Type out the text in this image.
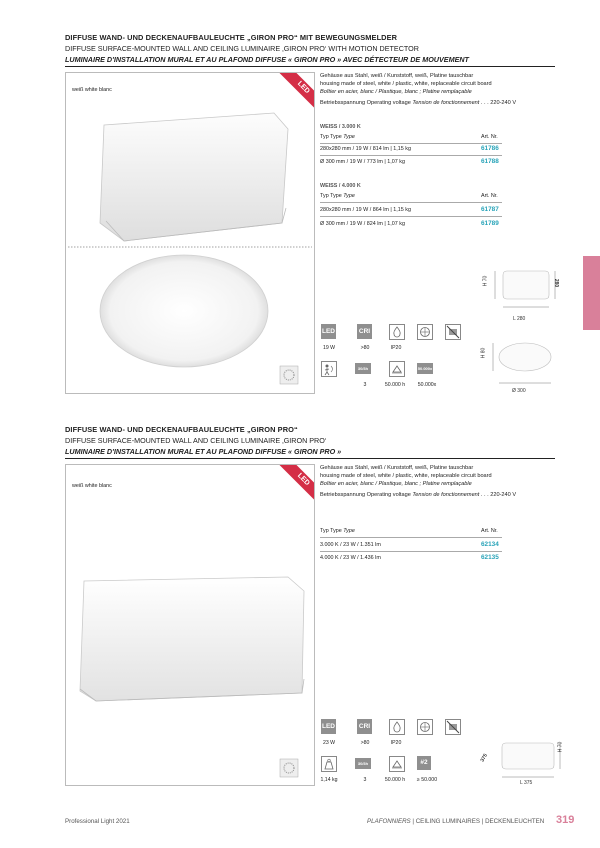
DIFFUSE WAND- UND DECKENAUFBAULEUCHTE „GIRON PRO“ MIT BEWEGUNGSMELDER
DIFFUSE SURFACE-MOUNTED WALL AND CEILING LUMINAIRE ‚GIRON PRO‘ WITH MOTION DETECTOR
LUMINAIRE D'INSTALLATION MURAL ET AU PLAFOND DIFFUSE « GIRON PRO » AVEC DÉTECTEUR DE MOUVEMENT
weiß white blanc	LED
Gehäuse aus Stahl, weiß / Kunststoff, weiß, Platine tauschbar
housing made of steel, white / plastic, white, replaceable circuit board
Boîtier en acier, blanc / Plastique, blanc ; Platine remplaçable
Betriebsspannung Operating voltage Tension de fonctionnement . . . 220-240 V
WEISS / 3.000 K
Typ Type Type	Art. Nr.
280x280 mm / 19 W / 814 lm | 1,15 kg	61786
Ø 300 mm / 19 W / 773 lm | 1,07 kg	61788
WEISS / 4.000 K
Typ Type Type	Art. Nr.
280x280 mm / 19 W / 864 lm | 1,15 kg	61787
Ø 300 mm / 19 W / 824 lm | 1,07 kg	61789
H 70	280
L 280
H 80
Ø 300
LED	CRI
19 W	>80	IP20
30/3h	50.000x
3	50.000 h	50.000x
DIFFUSE WAND- UND DECKENAUFBAULEUCHTE „GIRON PRO“
DIFFUSE SURFACE-MOUNTED WALL AND CEILING LUMINAIRE ‚GIRON PRO‘
LUMINAIRE D'INSTALLATION MURAL ET AU PLAFOND DIFFUSE « GIRON PRO »
weiß white blanc	LED
Gehäuse aus Stahl, weiß / Kunststoff, weiß, Platine tauschbar
housing made of steel, white / plastic, white, replaceable circuit board
Boîtier en acier, blanc / Plastique, blanc ; Platine remplaçable
Betriebsspannung Operating voltage Tension de fonctionnement . . . 220-240 V
Typ Type Type	Art. Nr.
3.000 K / 23 W / 1.351 lm	62134
4.000 K / 23 W / 1.436 lm	62135
LED	CRI
23 W	>80	IP20
30/3h	#2
1,14 kg	3	50.000 h	≥ 50.000
375
H 70
L 375
Professional Light 2021	PLAFONNIERS | CEILING LUMINAIRES | DECKENLEUCHTEN 319
